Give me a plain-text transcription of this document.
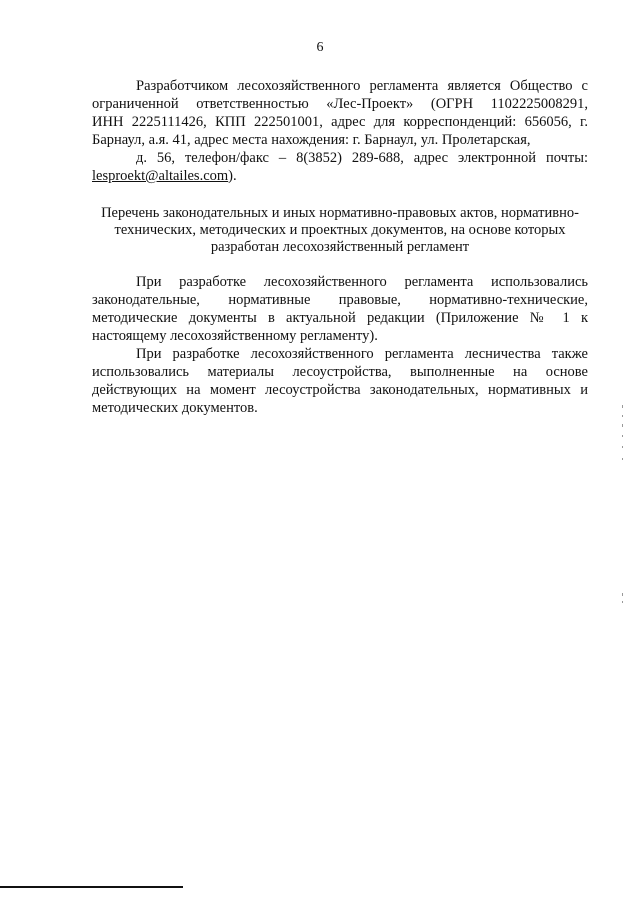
6
Разработчиком лесохозяйственного регламента является Общество с
ограниченной ответственностью «Лес-Проект» (ОГРН 1102225008291,
ИНН 2225111426, КПП 222501001, адрес для корреспонденций: 656056, г.
Барнаул, а.я. 41, адрес места нахождения: г. Барнаул, ул. Пролетарская,
д. 56, телефон/факс – 8(3852) 289-688, адрес электронной почты:
lesproekt@altailes.com).
Перечень законодательных и иных нормативно-правовых актов, нормативно-
технических, методических и проектных документов, на основе которых
разработан лесохозяйственный регламент
При разработке лесохозяйственного регламента использовались
законодательные, нормативные правовые, нормативно-технические,
методические документы в актуальной редакции (Приложение № 1 к
настоящему лесохозяйственному регламенту).
При разработке лесохозяйственного регламента лесничества также
использовались материалы лесоустройства, выполненные на основе
действующих на момент лесоустройства законодательных, нормативных и
методических документов.
